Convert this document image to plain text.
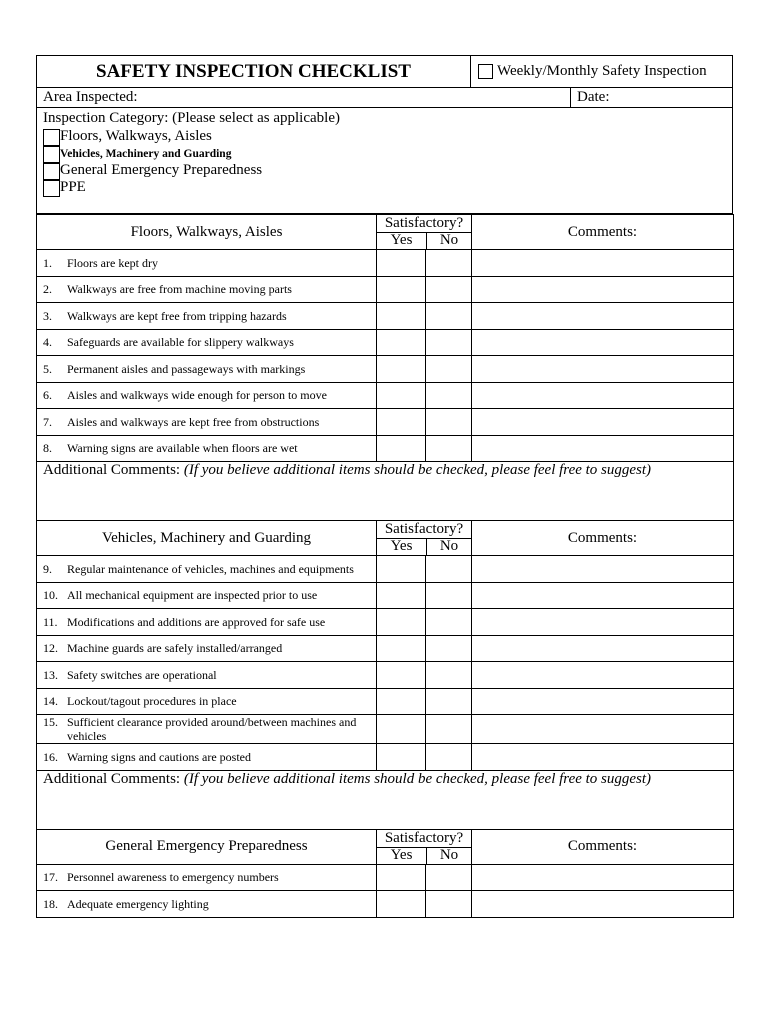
SAFETY INSPECTION CHECKLIST	Weekly/Monthly Safety Inspection
Area Inspected:	Date:
Inspection Category: (Please select as applicable)
Floors, Walkways, Aisles
Vehicles, Machinery and Guarding
General Emergency Preparedness
PPE
Floors, Walkways, Aisles	Satisfactory?
Yes No		Comments:

1. Floors are kept dry			

2. Walkways are free from machine moving parts			

3. Walkways are kept free from tripping hazards			

4. Safeguards are available for slippery walkways			

5. Permanent aisles and passageways with markings			

6. Aisles and walkways wide enough for person to move			

7. Aisles and walkways are kept free from obstructions			

8. Warning signs are available when floors are wet			

Additional Comments: (If you believe additional items should be checked, please feel free to suggest)			
Vehicles, Machinery and Guarding	Satisfactory?
Yes No		Comments:

9. Regular maintenance of vehicles, machines and equipments			

10. All mechanical equipment are inspected prior to use			

11. Modifications and additions are approved for safe use			

12. Machine guards are safely installed/arranged			

13. Safety switches are operational			

14. Lockout/tagout procedures in place			

15. Sufficient clearance provided around/between machines and vehicles			

16. Warning signs and cautions are posted			

Additional Comments: (If you believe additional items should be checked, please feel free to suggest)			
General Emergency Preparedness	Satisfactory?
Yes No		Comments:

17. Personnel awareness to emergency numbers			

18. Adequate emergency lighting			
